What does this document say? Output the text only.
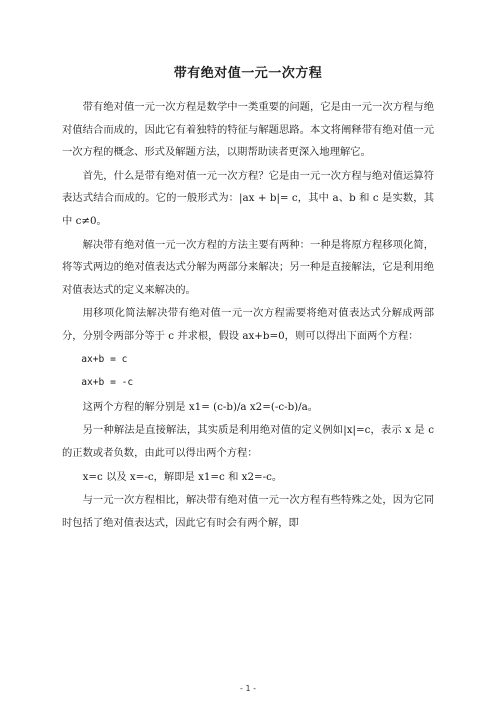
带有绝对值一元一次方程

带有绝对值一元一次方程是数学中一类重要的问题，它是由一元一次方程与绝对值结合而成的，因此它有着独特的特征与解题思路。本文将阐释带有绝对值一元一次方程的概念、形式及解题方法，以期帮助读者更深入地理解它。

首先，什么是带有绝对值一元一次方程？它是由一元一次方程与绝对值运算符表达式结合而成的。它的一般形式为：|ax + b|= c，其中 a、b 和 c 是实数，其中 c≠0。

解决带有绝对值一元一次方程的方法主要有两种：一种是将原方程移项化简，将等式两边的绝对值表达式分解为两部分来解决；另一种是直接解法，它是利用绝对值表达式的定义来解决的。

用移项化简法解决带有绝对值一元一次方程需要将绝对值表达式分解成两部分，分别令两部分等于 c 并求根，假设 ax+b=0，则可以得出下面两个方程：

ax+b = c

ax+b = -c

这两个方程的解分别是 x1= (c-b)/a x2=(-c-b)/a。

另一种解法是直接解法，其实质是利用绝对值的定义例如|x|=c，表示 x 是 c 的正数或者负数，由此可以得出两个方程：

x=c 以及 x=-c，解即是 x1=c 和 x2=-c。

与一元一次方程相比，解决带有绝对值一元一次方程有些特殊之处，因为它同时包括了绝对值表达式，因此它有时会有两个解，即

- 1 -
